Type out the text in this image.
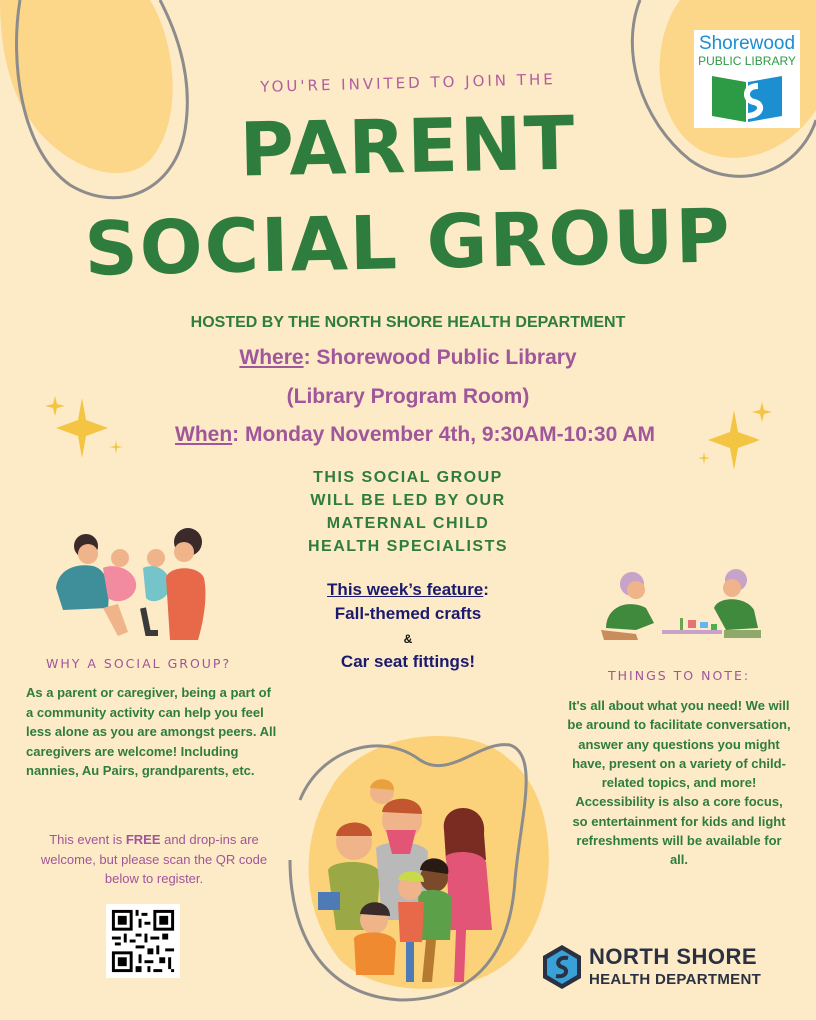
YOU'RE INVITED TO JOIN THE
PARENT
SOCIAL GROUP
HOSTED BY THE NORTH SHORE HEALTH DEPARTMENT
Where: Shorewood Public Library
(Library Program Room)
When: Monday November 4th, 9:30AM-10:30 AM
THIS SOCIAL GROUP
WILL BE LED BY OUR
MATERNAL CHILD
HEALTH SPECIALISTS
This week’s feature:
Fall-themed crafts
&
Car seat fittings!
WHY A SOCIAL GROUP?
As a parent or caregiver, being a part of a community activity can help you feel less alone as you are amongst peers. All caregivers are welcome! Including nannies, Au Pairs, grandparents, etc.
This event is FREE and drop-ins are welcome, but please scan the QR code below to register.
THINGS TO NOTE:
It's all about what you need! We will be around to facilitate conversation, answer any questions you might have, present on a variety of child-related topics, and more! Accessibility is also a core focus, so entertainment for kids and light refreshments will be available for all.
Shorewood
PUBLIC LIBRARY
NORTH SHORE
HEALTH DEPARTMENT
